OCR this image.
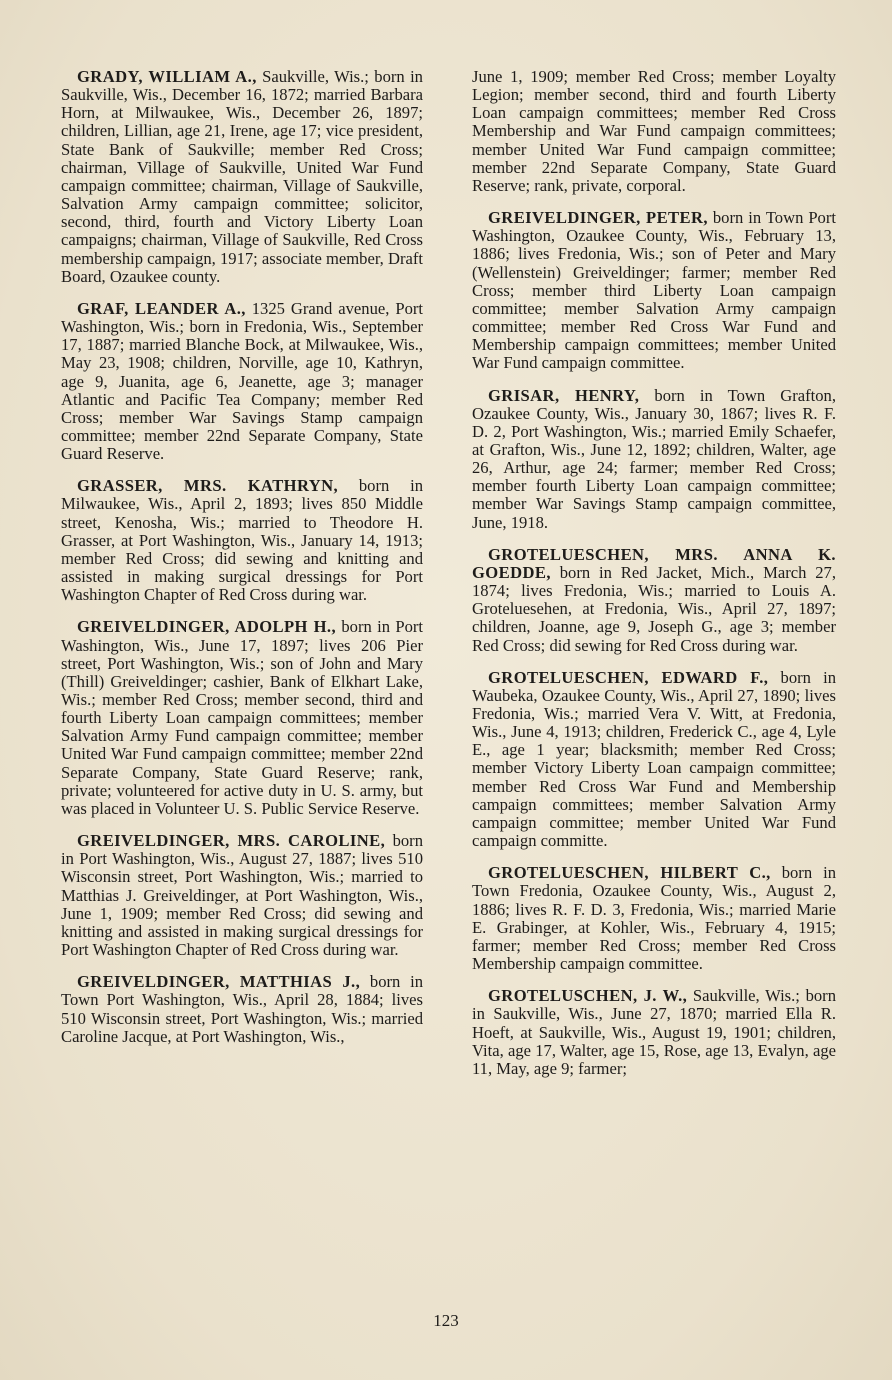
GRADY, WILLIAM A., Saukville, Wis.; born in Saukville, Wis., December 16, 1872; married Barbara Horn, at Milwaukee, Wis., December 26, 1897; children, Lillian, age 21, Irene, age 17; vice president, State Bank of Saukville; member Red Cross; chairman, Village of Saukville, United War Fund campaign committee; chairman, Village of Saukville, Salvation Army campaign committee; solicitor, second, third, fourth and Victory Liberty Loan campaigns; chairman, Village of Saukville, Red Cross membership campaign, 1917; associate member, Draft Board, Ozaukee county.

GRAF, LEANDER A., 1325 Grand avenue, Port Washington, Wis.; born in Fredonia, Wis., September 17, 1887; married Blanche Bock, at Milwaukee, Wis., May 23, 1908; children, Norville, age 10, Kathryn, age 9, Juanita, age 6, Jeanette, age 3; manager Atlantic and Pacific Tea Company; member Red Cross; member War Savings Stamp campaign committee; member 22nd Separate Company, State Guard Reserve.

GRASSER, MRS. KATHRYN, born in Milwaukee, Wis., April 2, 1893; lives 850 Middle street, Kenosha, Wis.; married to Theodore H. Grasser, at Port Washington, Wis., January 14, 1913; member Red Cross; did sewing and knitting and assisted in making surgical dressings for Port Washington Chapter of Red Cross during war.

GREIVELDINGER, ADOLPH H., born in Port Washington, Wis., June 17, 1897; lives 206 Pier street, Port Washington, Wis.; son of John and Mary (Thill) Greiveldinger; cashier, Bank of Elkhart Lake, Wis.; member Red Cross; member second, third and fourth Liberty Loan campaign committees; member Salvation Army Fund campaign committee; member United War Fund campaign committee; member 22nd Separate Company, State Guard Reserve; rank, private; volunteered for active duty in U. S. army, but was placed in Volunteer U. S. Public Service Reserve.

GREIVELDINGER, MRS. CAROLINE, born in Port Washington, Wis., August 27, 1887; lives 510 Wisconsin street, Port Washington, Wis.; married to Matthias J. Greiveldinger, at Port Washington, Wis., June 1, 1909; member Red Cross; did sewing and knitting and assisted in making surgical dressings for Port Washington Chapter of Red Cross during war.

GREIVELDINGER, MATTHIAS J., born in Town Port Washington, Wis., April 28, 1884; lives 510 Wisconsin street, Port Washington, Wis.; married Caroline Jacque, at Port Washington, Wis.,

June 1, 1909; member Red Cross; member Loyalty Legion; member second, third and fourth Liberty Loan campaign committees; member Red Cross Membership and War Fund campaign committees; member United War Fund campaign committee; member 22nd Separate Company, State Guard Reserve; rank, private, corporal.

GREIVELDINGER, PETER, born in Town Port Washington, Ozaukee County, Wis., February 13, 1886; lives Fredonia, Wis.; son of Peter and Mary (Wellenstein) Greiveldinger; farmer; member Red Cross; member third Liberty Loan campaign committee; member Salvation Army campaign committee; member Red Cross War Fund and Membership campaign committees; member United War Fund campaign committee.

GRISAR, HENRY, born in Town Grafton, Ozaukee County, Wis., January 30, 1867; lives R. F. D. 2, Port Washington, Wis.; married Emily Schaefer, at Grafton, Wis., June 12, 1892; children, Walter, age 26, Arthur, age 24; farmer; member Red Cross; member fourth Liberty Loan campaign committee; member War Savings Stamp campaign committee, June, 1918.

GROTELUESCHEN, MRS. ANNA K. GOEDDE, born in Red Jacket, Mich., March 27, 1874; lives Fredonia, Wis.; married to Louis A. Groteluesehen, at Fredonia, Wis., April 27, 1897; children, Joanne, age 9, Joseph G., age 3; member Red Cross; did sewing for Red Cross during war.

GROTELUESCHEN, EDWARD F., born in Waubeka, Ozaukee County, Wis., April 27, 1890; lives Fredonia, Wis.; married Vera V. Witt, at Fredonia, Wis., June 4, 1913; children, Frederick C., age 4, Lyle E., age 1 year; blacksmith; member Red Cross; member Victory Liberty Loan campaign committee; member Red Cross War Fund and Membership campaign committees; member Salvation Army campaign committee; member United War Fund campaign committe.

GROTELUESCHEN, HILBERT C., born in Town Fredonia, Ozaukee County, Wis., August 2, 1886; lives R. F. D. 3, Fredonia, Wis.; married Marie E. Grabinger, at Kohler, Wis., February 4, 1915; farmer; member Red Cross; member Red Cross Membership campaign committee.

GROTELUSCHEN, J. W., Saukville, Wis.; born in Saukville, Wis., June 27, 1870; married Ella R. Hoeft, at Saukville, Wis., August 19, 1901; children, Vita, age 17, Walter, age 15, Rose, age 13, Evalyn, age 11, May, age 9; farmer;

123
